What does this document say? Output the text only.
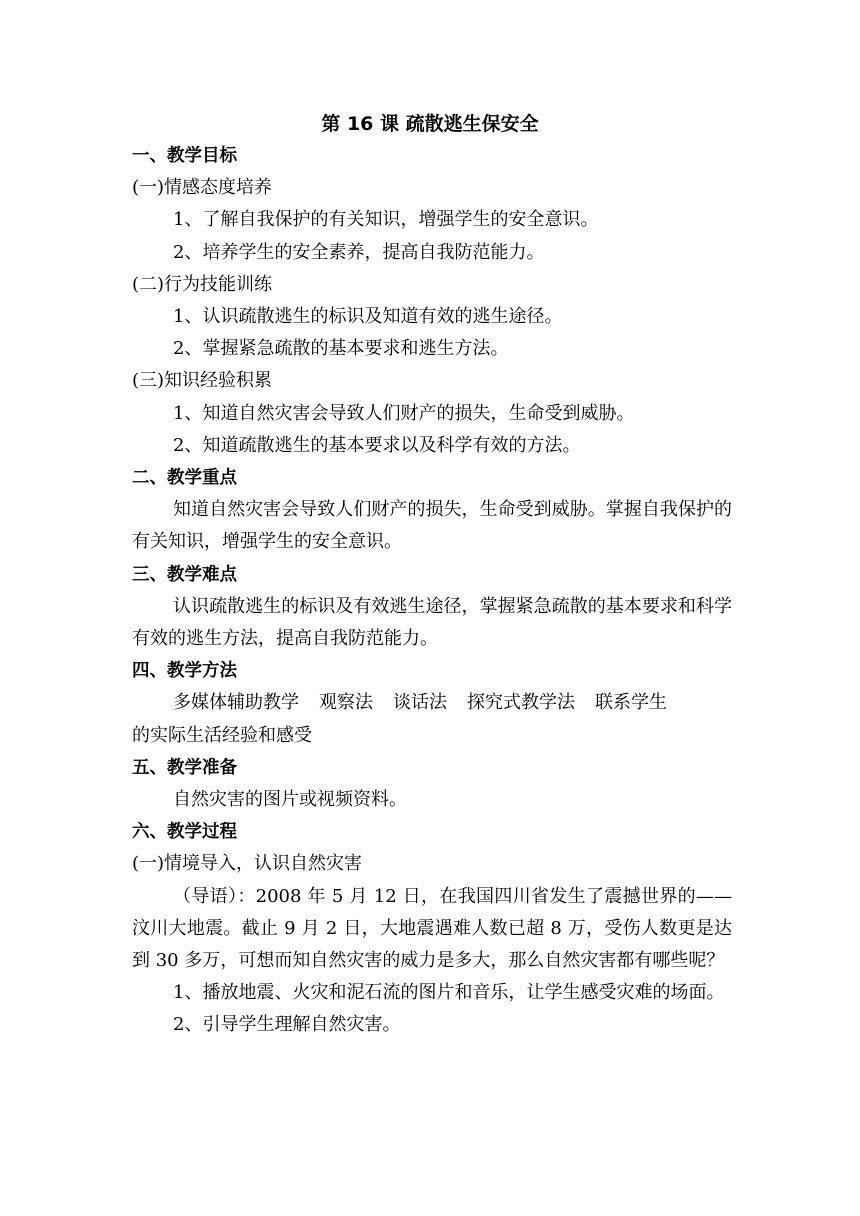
第 16 课 疏散逃生保安全
一、教学目标
(一)情感态度培养
1、了解自我保护的有关知识，增强学生的安全意识。
2、培养学生的安全素养，提高自我防范能力。
(二)行为技能训练
1、认识疏散逃生的标识及知道有效的逃生途径。
2、掌握紧急疏散的基本要求和逃生方法。
(三)知识经验积累
1、知道自然灾害会导致人们财产的损失，生命受到威胁。
2、知道疏散逃生的基本要求以及科学有效的方法。
二、教学重点
知道自然灾害会导致人们财产的损失，生命受到威胁。掌握自我保护的有关知识，增强学生的安全意识。
三、教学难点
认识疏散逃生的标识及有效逃生途径，掌握紧急疏散的基本要求和科学有效的逃生方法，提高自我防范能力。
四、教学方法
多媒体辅助教学 观察法 谈话法 探究式教学法 联系学生
的实际生活经验和感受
五、教学准备
自然灾害的图片或视频资料。
六、教学过程
(一)情境导入，认识自然灾害
（导语）：2008 年 5 月 12 日，在我国四川省发生了震撼世界的——汶川大地震。截止 9 月 2 日，大地震遇难人数已超 8 万，受伤人数更是达到 30 多万，可想而知自然灾害的威力是多大，那么自然灾害都有哪些呢？
1、播放地震、火灾和泥石流的图片和音乐，让学生感受灾难的场面。
2、引导学生理解自然灾害。
